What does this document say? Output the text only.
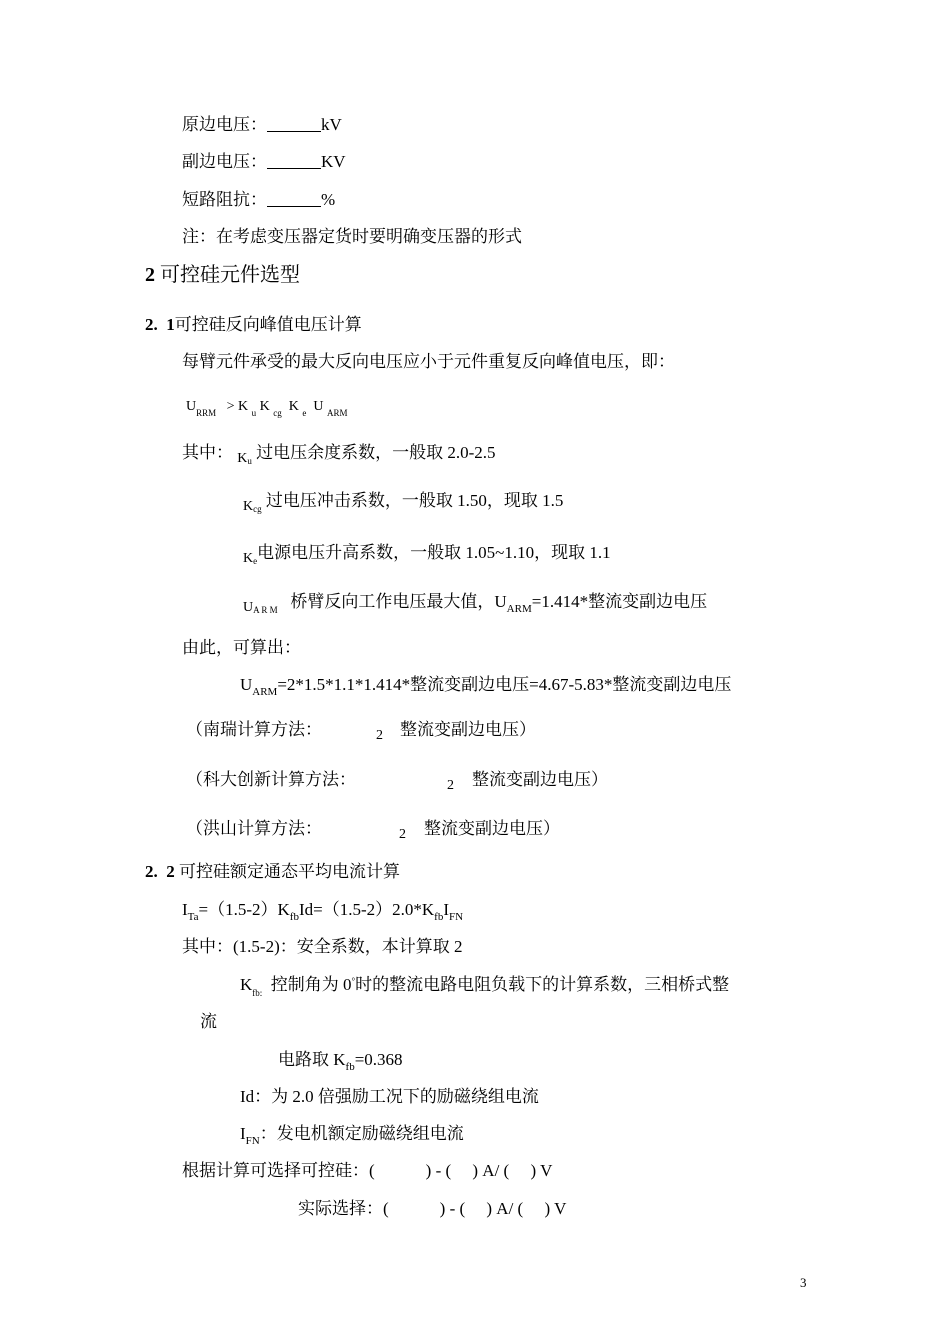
原边电压：	kV
副边电压：	KV
短路阻抗：	%
注：在考虑变压器定货时要明确变压器的形式
2 可控硅元件选型
2. 1可控硅反向峰值电压计算
每臂元件承受的最大反向电压应小于元件重复反向峰值电压，即：
$U_{RRM} > K$ $_u$ K $_{cg}$ K $_e$ U $_{ARM}$
其中： $_{Ku}$ 过电压余度系数，一般取 2.0-2.5
$_{Kcg}$ 过电压冲击系数，一般取 1.50，现取 1.5
$_{Ke}$电源电压升高系数，一般取 1.05~1.10，现取 1.1
$_{UA R M}$ 桥臂反向工作电压最大值，$U_{ARM}=1.414*$整流变副边电压
由此，可算出：
$U_{ARM}=2*1.5*1.1*1.414*$整流变副边电压=4.67-5.83*整流变副边电压
（南瑞计算方法：	2 整流变副边电压）
（科大创新计算方法：	2 整流变副边电压）
（洪山计算方法：	2 整流变副边电压）
2. 2 可控硅额定通态平均电流计算
$I_{Ta}=(1.5-2)K_{fb}Id=(1.5-2)2.0*K_{fb}I_{FN}$
其中：(1.5-2)：安全系数，本计算取 2
$K_{fb:}$ 控制角为 0°时的整流电路电阻负载下的计算系数，三相桥式整
流
电路取 $K_{fb}=0.368$
Id：为 2.0 倍强励工况下的励磁绕组电流
$I_{FN}$：发电机额定励磁绕组电流
根据计算可选择可控硅：(　　　) - (　 ) A/ (　 ) V
实际选择：(　　　) - (　 ) A/ (　 ) V
3
